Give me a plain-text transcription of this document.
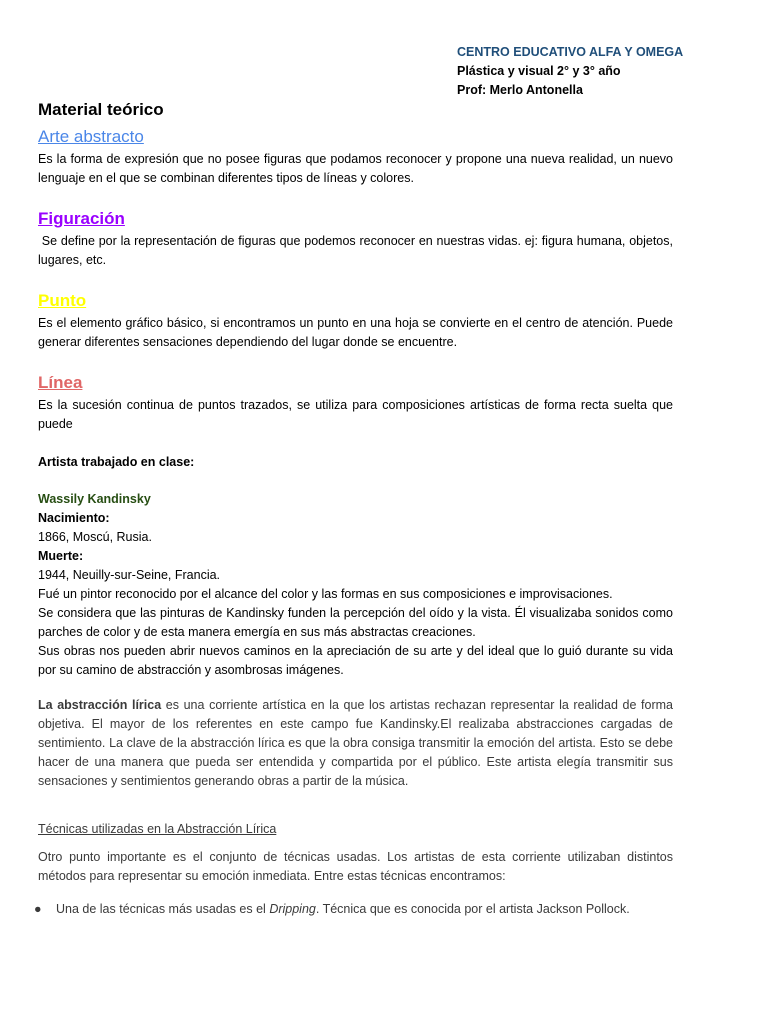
CENTRO EDUCATIVO ALFA Y OMEGA
Plástica y visual 2° y 3° año
Prof: Merlo Antonella
Material teórico
Arte abstracto
Es la forma de expresión que no posee figuras que podamos reconocer y propone una nueva realidad, un nuevo lenguaje en el que se combinan diferentes tipos de líneas y colores.
Figuración
Se define por la representación de figuras que podemos reconocer en nuestras vidas. ej: figura humana, objetos, lugares, etc.
Punto
Es el elemento gráfico básico, si encontramos un punto en una hoja se convierte en el centro de atención. Puede generar diferentes sensaciones dependiendo del lugar donde se encuentre.
Línea
Es la sucesión continua de puntos trazados, se utiliza para composiciones artísticas de forma recta suelta que puede
Artista trabajado en clase:
Wassily Kandinsky
Nacimiento:
1866, Moscú, Rusia.
Muerte:
1944, Neuilly-sur-Seine, Francia.
Fué un pintor reconocido por el alcance del color y las formas en sus composiciones e improvisaciones.
Se considera que las pinturas de Kandinsky funden la percepción del oído y la vista. Él visualizaba sonidos como parches de color y de esta manera emergía en sus más abstractas creaciones.
Sus obras nos pueden abrir nuevos caminos en la apreciación de su arte y del ideal que lo guió durante su vida por su camino de abstracción y asombrosas imágenes.
La abstracción lírica es una corriente artística en la que los artistas rechazan representar la realidad de forma objetiva. El mayor de los referentes en este campo fue Kandinsky.El realizaba abstracciones cargadas de sentimiento. La clave de la abstracción lírica es que la obra consiga transmitir la emoción del artista. Esto se debe hacer de una manera que pueda ser entendida y compartida por el público. Este artista elegía transmitir sus sensaciones y sentimientos generando obras a partir de la música.
Técnicas utilizadas en la Abstracción Lírica
Otro punto importante es el conjunto de técnicas usadas. Los artistas de esta corriente utilizaban distintos métodos para representar su emoción inmediata. Entre estas técnicas encontramos:
● Una de las técnicas más usadas es el Dripping. Técnica que es conocida por el artista Jackson Pollock.
